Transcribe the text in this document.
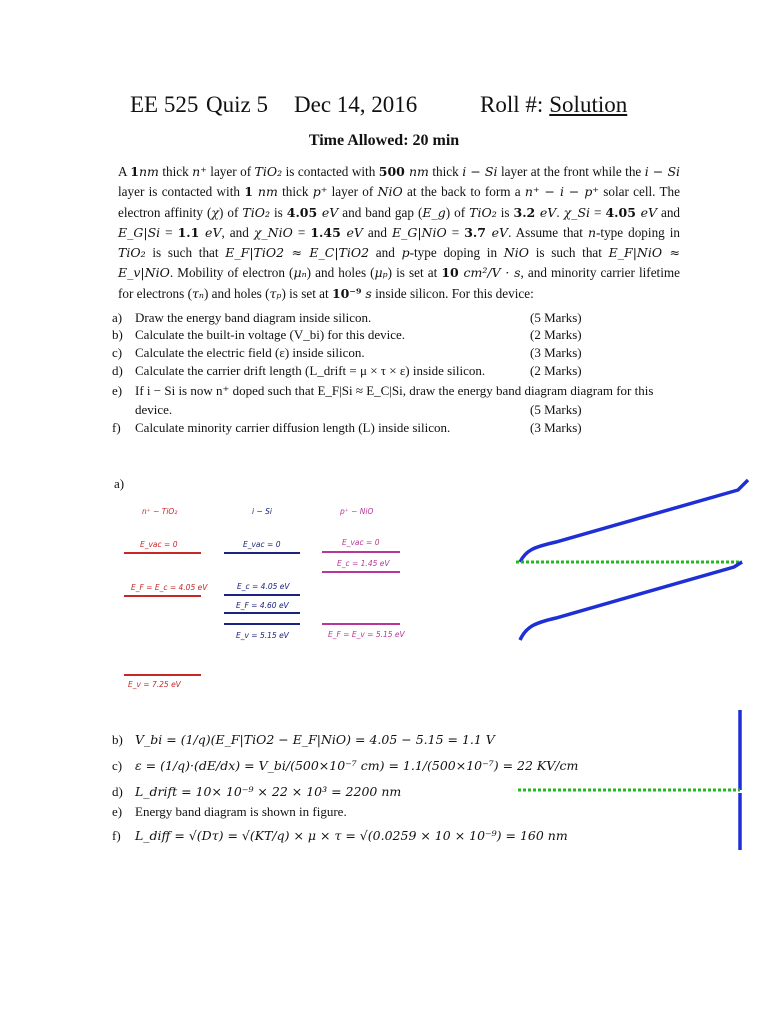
EE 525 Quiz 5 Dec 14, 2016	Roll #: Solution
Time Allowed: 20 min
A 1nm thick n⁺ layer of TiO₂ is contacted with 500 nm thick i − Si layer at the front while the i − Si layer is contacted with 1 nm thick p⁺ layer of NiO at the back to form a n⁺ − i − p⁺ solar cell. The electron affinity (χ) of TiO₂ is 4.05 eV and band gap (E_g) of TiO₂ is 3.2 eV. χ_Si = 4.05 eV and E_G|Si = 1.1 eV, and χ_NiO = 1.45 eV and E_G|NiO = 3.7 eV. Assume that n-type doping in TiO₂ is such that E_F|TiO2 ≈ E_C|TiO2 and p-type doping in NiO is such that E_F|NiO ≈ E_v|NiO. Mobility of electron (μₙ) and holes (μₚ) is set at 10 cm²/V · s, and minority carrier lifetime for electrons (τₙ) and holes (τₚ) is set at 10⁻⁹ s inside silicon. For this device:
a) Draw the energy band diagram inside silicon.	(5 Marks)
b) Calculate the built-in voltage (V_bi) for this device.	(2 Marks)
c) Calculate the electric field (ε) inside silicon.	(3 Marks)
d) Calculate the carrier drift length (L_drift = μ × τ × ε) inside silicon.	(2 Marks)
e) If i − Si is now n⁺ doped such that E_F|Si ≈ E_C|Si, draw the energy band diagram diagram for this
device.	(5 Marks)
f) Calculate minority carrier diffusion length (L) inside silicon.	(3 Marks)
a)
n⁺ − TiO₂	i − Si	p⁺ − NiO
E_vac = 0	E_vac = 0	E_vac = 0
E_c = 1.45 eV
E_F = E_c = 4.05 eV	E_c = 4.05 eV
E_F = 4.60 eV
E_v = 5.15 eV	E_F = E_v = 5.15 eV
E_v = 7.25 eV
b) V_bi = (1/q)(E_F|TiO2 − E_F|NiO) = 4.05 − 5.15 = 1.1 V
c) ε = (1/q)·(dE/dx) = V_bi/(500×10⁻⁷ cm) = 1.1/(500×10⁻⁷) = 22 KV/cm
d) L_drift = 10× 10⁻⁹ × 22 × 10³ = 2200 nm
e) Energy band diagram is shown in figure.
f) L_diff = √(Dτ) = √(KT/q) × μ × τ = √(0.0259 × 10 × 10⁻⁹) = 160 nm
